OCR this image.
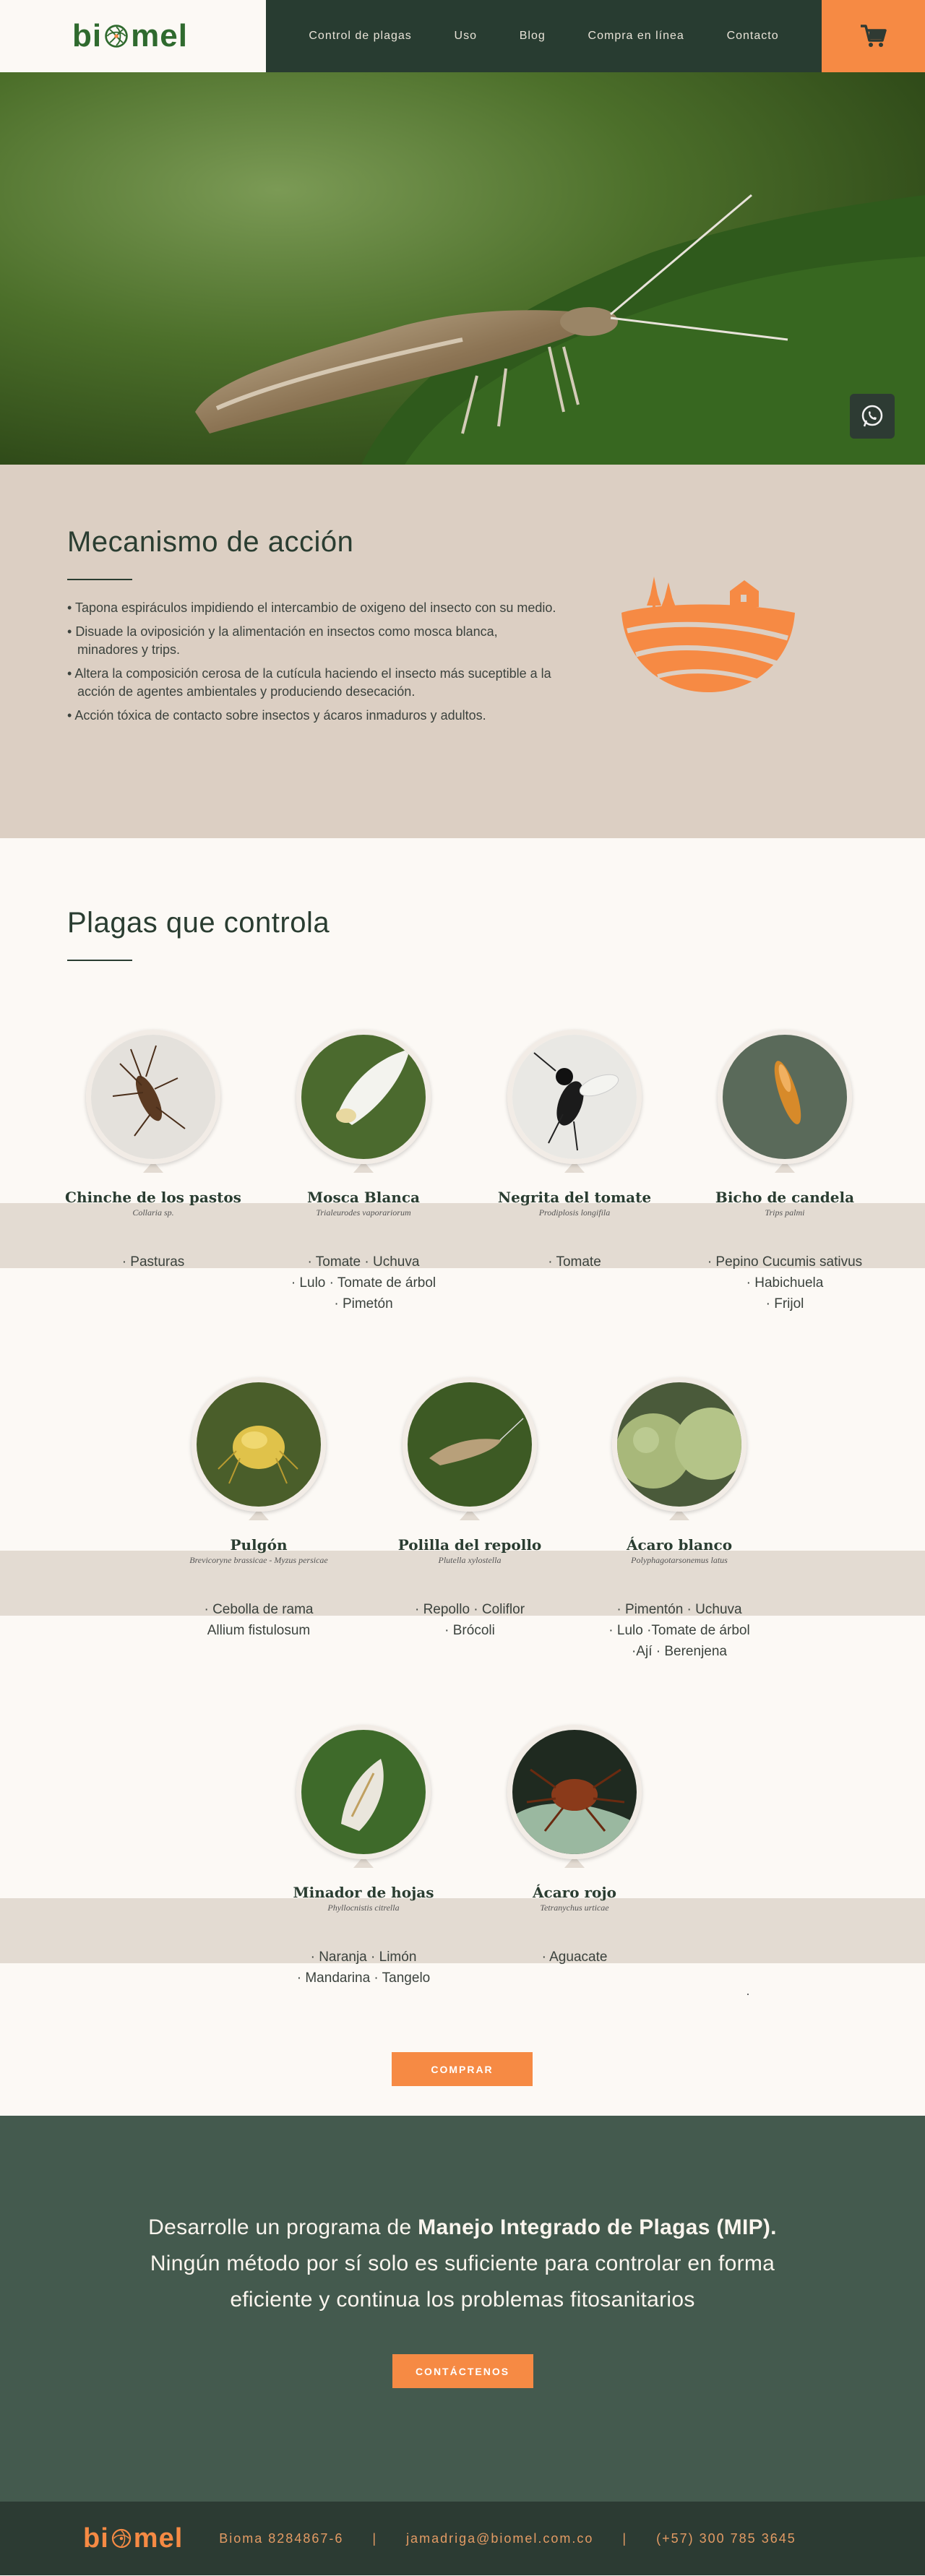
bi mel	Control de plagas	Uso	Blog	Compra en línea	Contacto
Mecanismo de acción
• Tapona espiráculos impidiendo el intercambio de oxigeno del insecto con su medio.
• Disuade la oviposición y la alimentación en insectos como mosca blanca, minadores y trips.
• Altera la composición cerosa de la cutícula haciendo el insecto más suceptible a la acción de agentes ambientales y produciendo desecación.
• Acción tóxica de contacto sobre insectos y ácaros inmaduros y adultos.
Plagas que controla
Chinche de los pastos
Collaria sp.
· Pasturas
Mosca Blanca
Trialeurodes vaporariorum
· Tomate · Uchuva
· Lulo · Tomate de árbol
· Pimetón
Negrita del tomate
Prodiplosis longifila
· Tomate
Bicho de candela
Trips palmi
· Pepino Cucumis sativus
· Habichuela
· Frijol
Pulgón
Brevicoryne brassicae - Myzus persicae
· Cebolla de rama
Allium fistulosum
Polilla del repollo
Plutella xylostella
· Repollo · Coliflor
· Brócoli
Ácaro blanco
Polyphagotarsonemus latus
· Pimentón · Uchuva
· Lulo ·Tomate de árbol
·Ají · Berenjena
Minador de hojas
Phyllocnistis citrella
· Naranja · Limón
· Mandarina · Tangelo
Ácaro rojo
Tetranychus urticae
· Aguacate
·
COMPRAR

Desarrolle un programa de Manejo Integrado de Plagas (MIP).

Ningún método por sí solo es suficiente para controlar en forma

eficiente y continua los problemas fitosanitarios

CONTÁCTENOS
bi mel	Bioma 8284867-6 | jamadriga@biomel.com.co | (+57) 300 785 3645
